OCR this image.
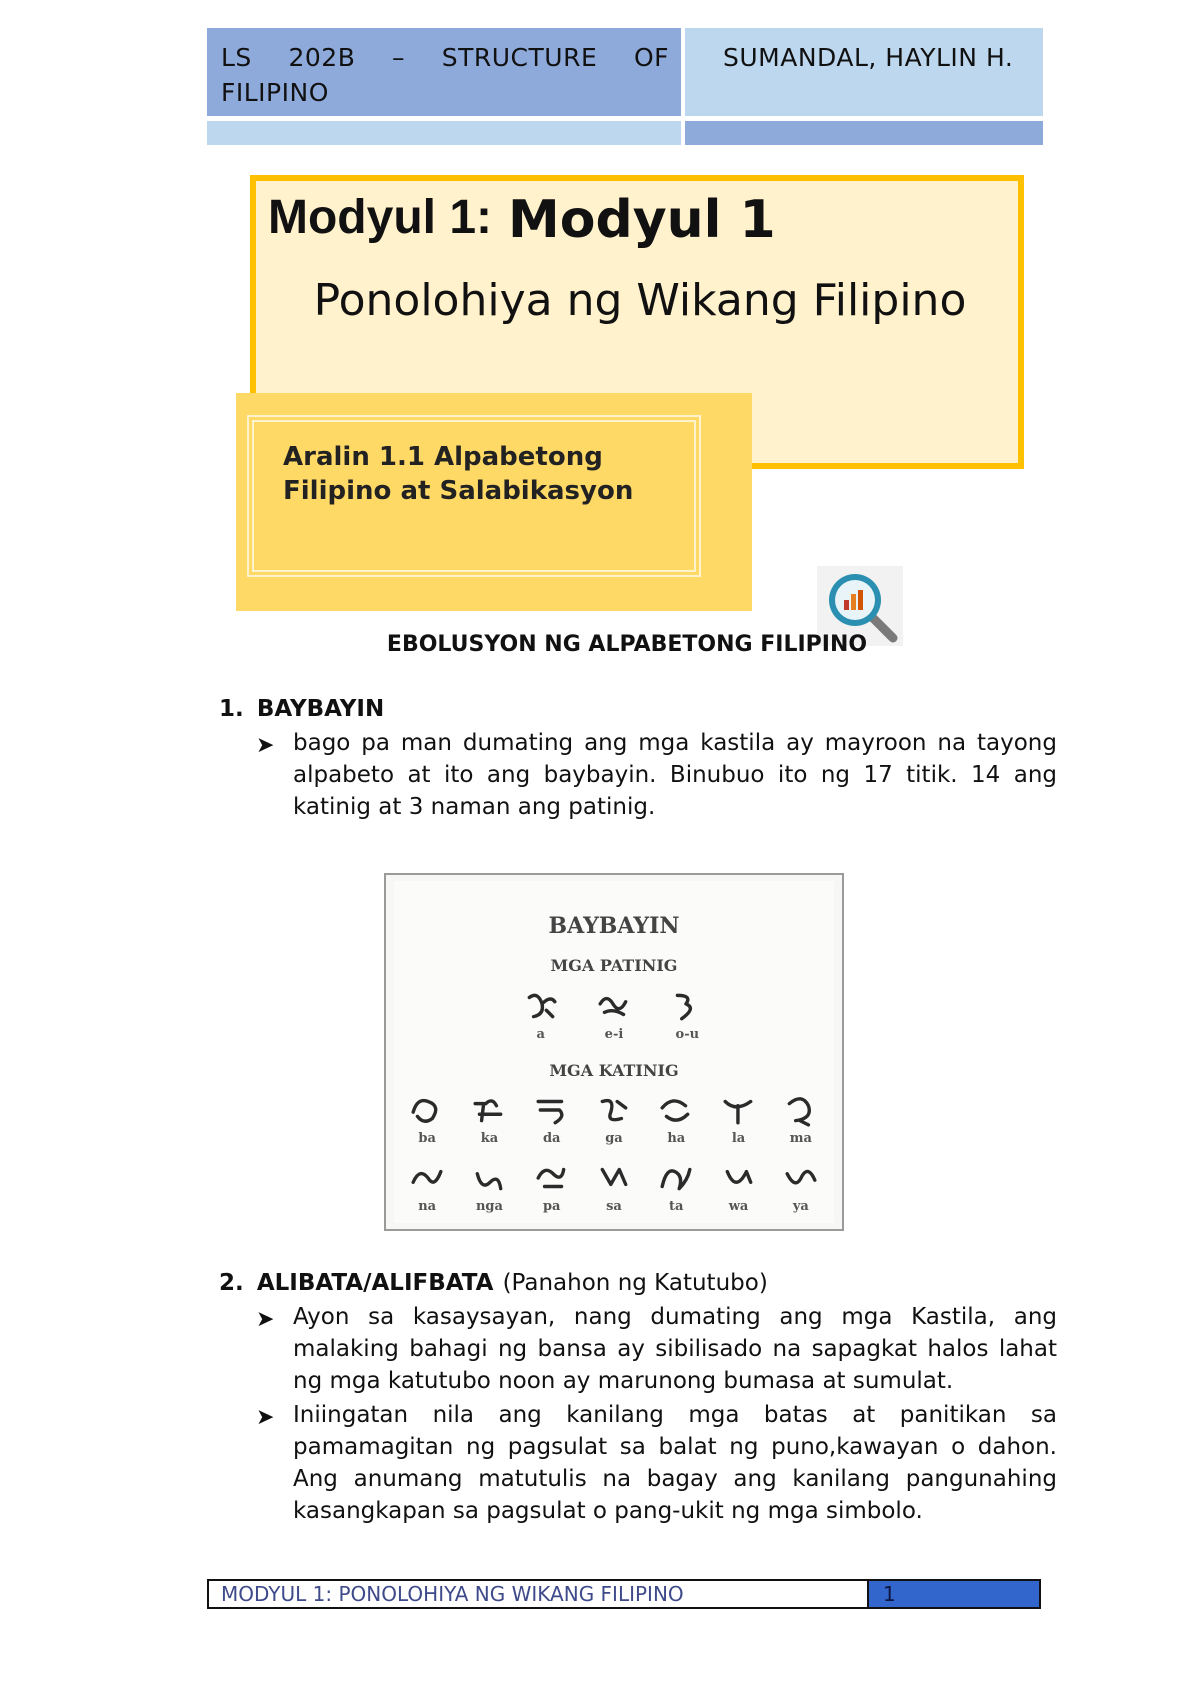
LS 202B – STRUCTURE OF FILIPINO
SUMANDAL, HAYLIN H.
Modyul 1: Modyul 1
Ponolohiya ng Wikang Filipino
Aralin 1.1 Alpabetong Filipino at Salabikasyon
EBOLUSYON NG ALPABETONG FILIPINO
1. BAYBAYIN
➤ bago pa man dumating ang mga kastila ay mayroon na tayong alpabeto at ito ang baybayin. Binubuo ito ng 17 titik. 14 ang katinig at 3 naman ang patinig.
BAYBAYIN
MGA PATINIG
a	e-i	o-u
MGA KATINIG
ba	ka	da	ga	ha	la	ma
na	nga	pa	sa	ta	wa	ya
2. ALIBATA/ALIFBATA (Panahon ng Katutubo)
➤ Ayon sa kasaysayan, nang dumating ang mga Kastila, ang malaking bahagi ng bansa ay sibilisado na sapagkat halos lahat ng mga katutubo noon ay marunong bumasa at sumulat.
➤ Iniingatan nila ang kanilang mga batas at panitikan sa pamamagitan ng pagsulat sa balat ng puno,kawayan o dahon. Ang anumang matutulis na bagay ang kanilang pangunahing kasangkapan sa pagsulat o pang-ukit ng mga simbolo.
MODYUL 1: PONOLOHIYA NG WIKANG FILIPINO	1
